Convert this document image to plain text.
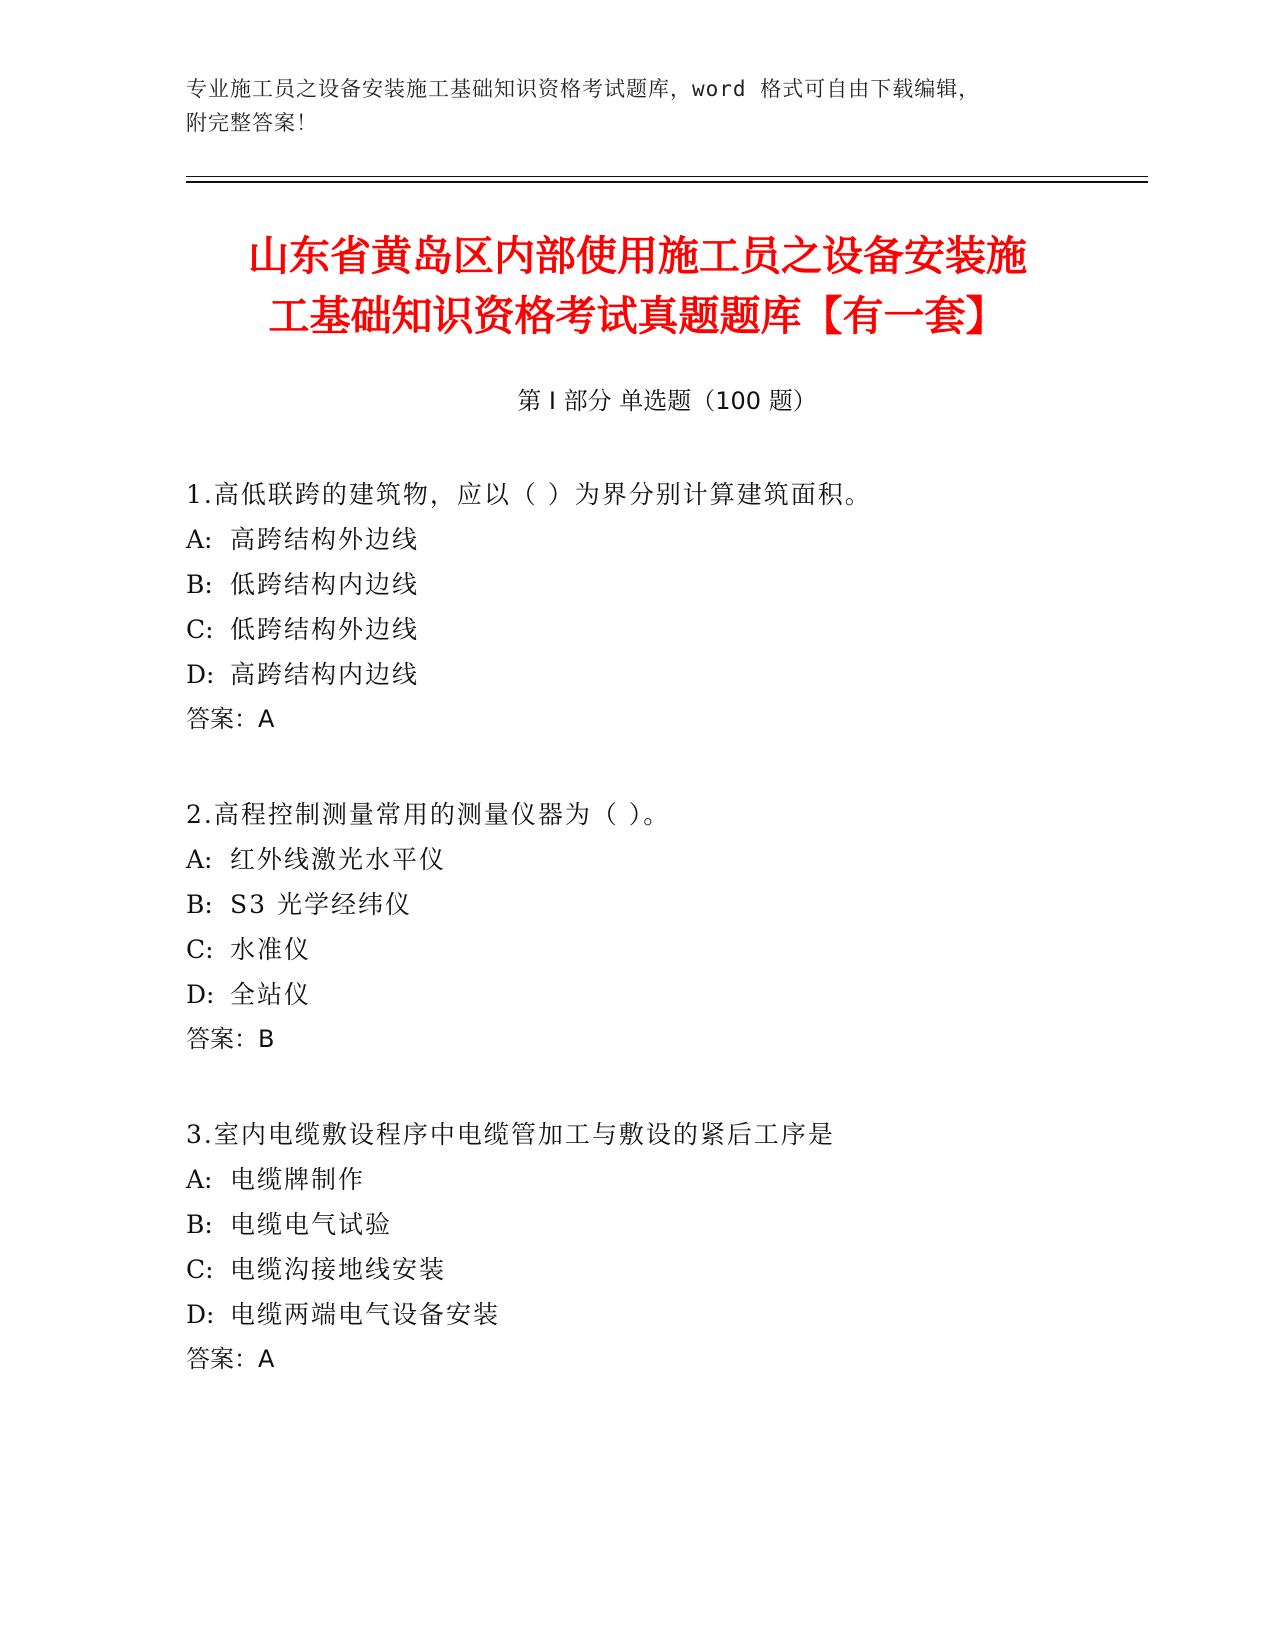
专业施工员之设备安装施工基础知识资格考试题库，word 格式可自由下载编辑，
附完整答案！
山东省黄岛区内部使用施工员之设备安装施
工基础知识资格考试真题题库【有一套】
第 I 部分 单选题（100 题）
1.高低联跨的建筑物，应以（ ）为界分别计算建筑面积。
A: 高跨结构外边线
B: 低跨结构内边线
C: 低跨结构外边线
D: 高跨结构内边线
答案：A
2.高程控制测量常用的测量仪器为（ ）。
A: 红外线激光水平仪
B: S3 光学经纬仪
C: 水准仪
D: 全站仪
答案：B
3.室内电缆敷设程序中电缆管加工与敷设的紧后工序是
A: 电缆牌制作
B: 电缆电气试验
C: 电缆沟接地线安装
D: 电缆两端电气设备安装
答案：A
